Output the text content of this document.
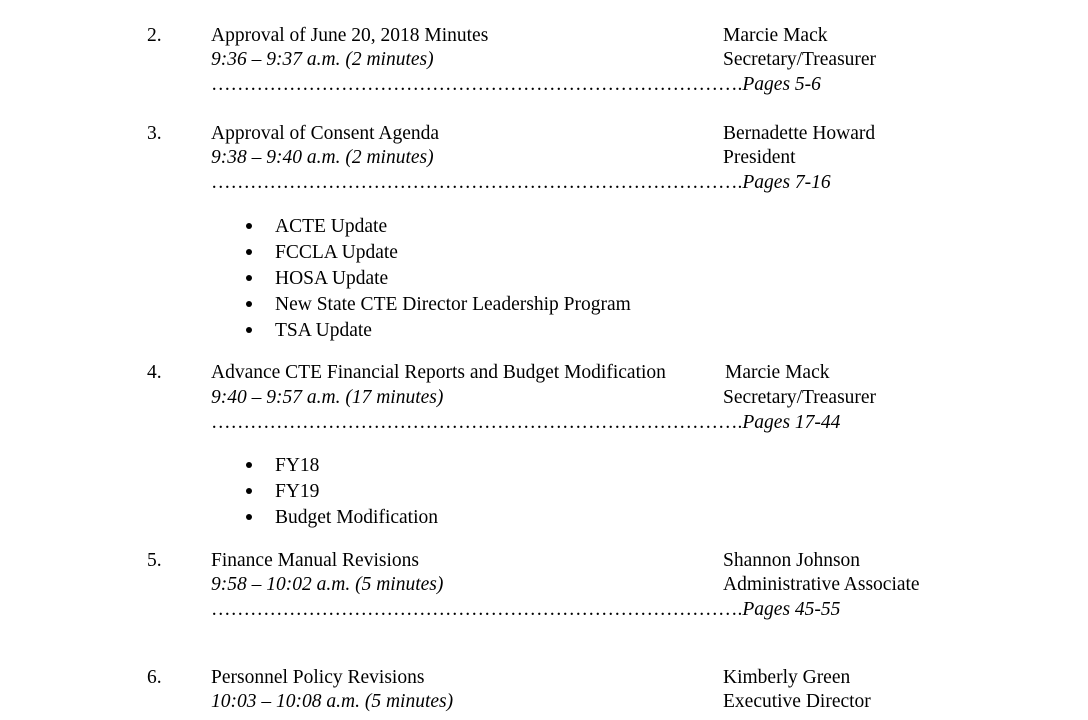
2.	Approval of June 20, 2018 Minutes	Marcie Mack
9:36 – 9:37 a.m. (2 minutes)	Secretary/Treasurer
……………………………………………………………………….Pages 5-6
3.	Approval of Consent Agenda	Bernadette Howard
9:38 – 9:40 a.m. (2 minutes)	President
……………………………………………………………………….Pages 7-16
ACTE Update
FCCLA Update
HOSA Update
New State CTE Director Leadership Program
TSA Update
4.	Advance CTE Financial Reports and Budget Modification	Marcie Mack
9:40 – 9:57 a.m. (17 minutes)	Secretary/Treasurer
……………………………………………………………………….Pages 17-44
FY18
FY19
Budget Modification
5.	Finance Manual Revisions	Shannon Johnson
9:58 – 10:02 a.m. (5 minutes)	Administrative Associate
……………………………………………………………………….Pages 45-55
6.	Personnel Policy Revisions	Kimberly Green
10:03 – 10:08 a.m. (5 minutes)	Executive Director
